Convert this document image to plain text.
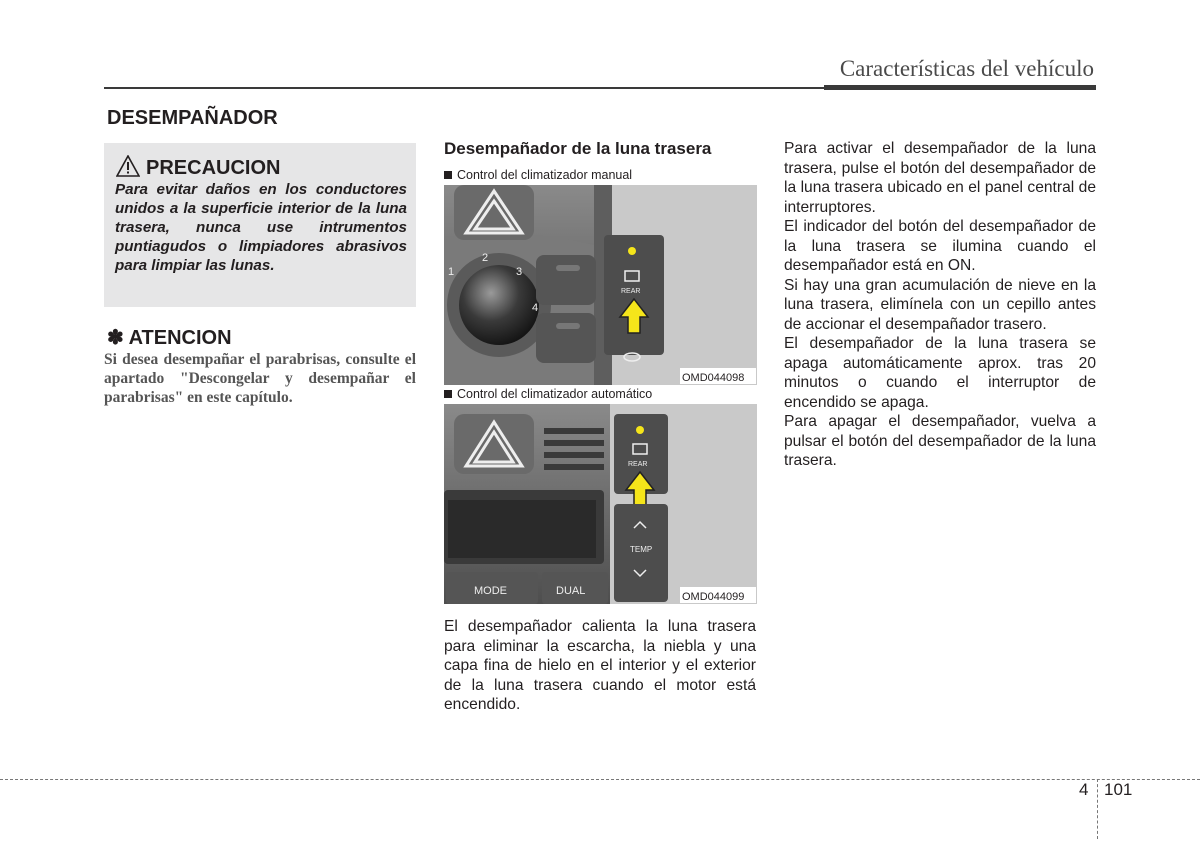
Características del vehículo
DESEMPAÑADOR
PRECAUCION

Para evitar daños en los conductores unidos a la superficie interior de la luna trasera, nunca use intrumentos puntiagudos o limpiadores abrasivos para limpiar las lunas.

✽ ATENCION

Si desea desempañar el parabrisas, consulte el apartado "Descongelar y desempañar el parabrisas" en este capítulo.

Desempañador de la luna trasera
Control del climatizador manual
1
2
3
4
REAR
OMD044098
Control del climatizador automático
REAR
TEMP
MODE	DUAL	OMD044099

El desempañador calienta la luna trasera para eliminar la escarcha, la niebla y una capa fina de hielo en el interior y el exterior de la luna trasera cuando el motor está encendido.

Para activar el desempañador de la luna trasera, pulse el botón del desempañador de la luna trasera ubicado en el panel central de interruptores.

El indicador del botón del desempañador de la luna trasera se ilumina cuando el desempañador está en ON.

Si hay una gran acumulación de nieve en la luna trasera, elimínela con un cepillo antes de accionar el desempañador trasero.

El desempañador de la luna trasera se apaga automáticamente aprox. tras 20 minutos o cuando el interruptor de encendido se apaga.

Para apagar el desempañador, vuelva a pulsar el botón del desempañador de la luna trasera.

4 101
